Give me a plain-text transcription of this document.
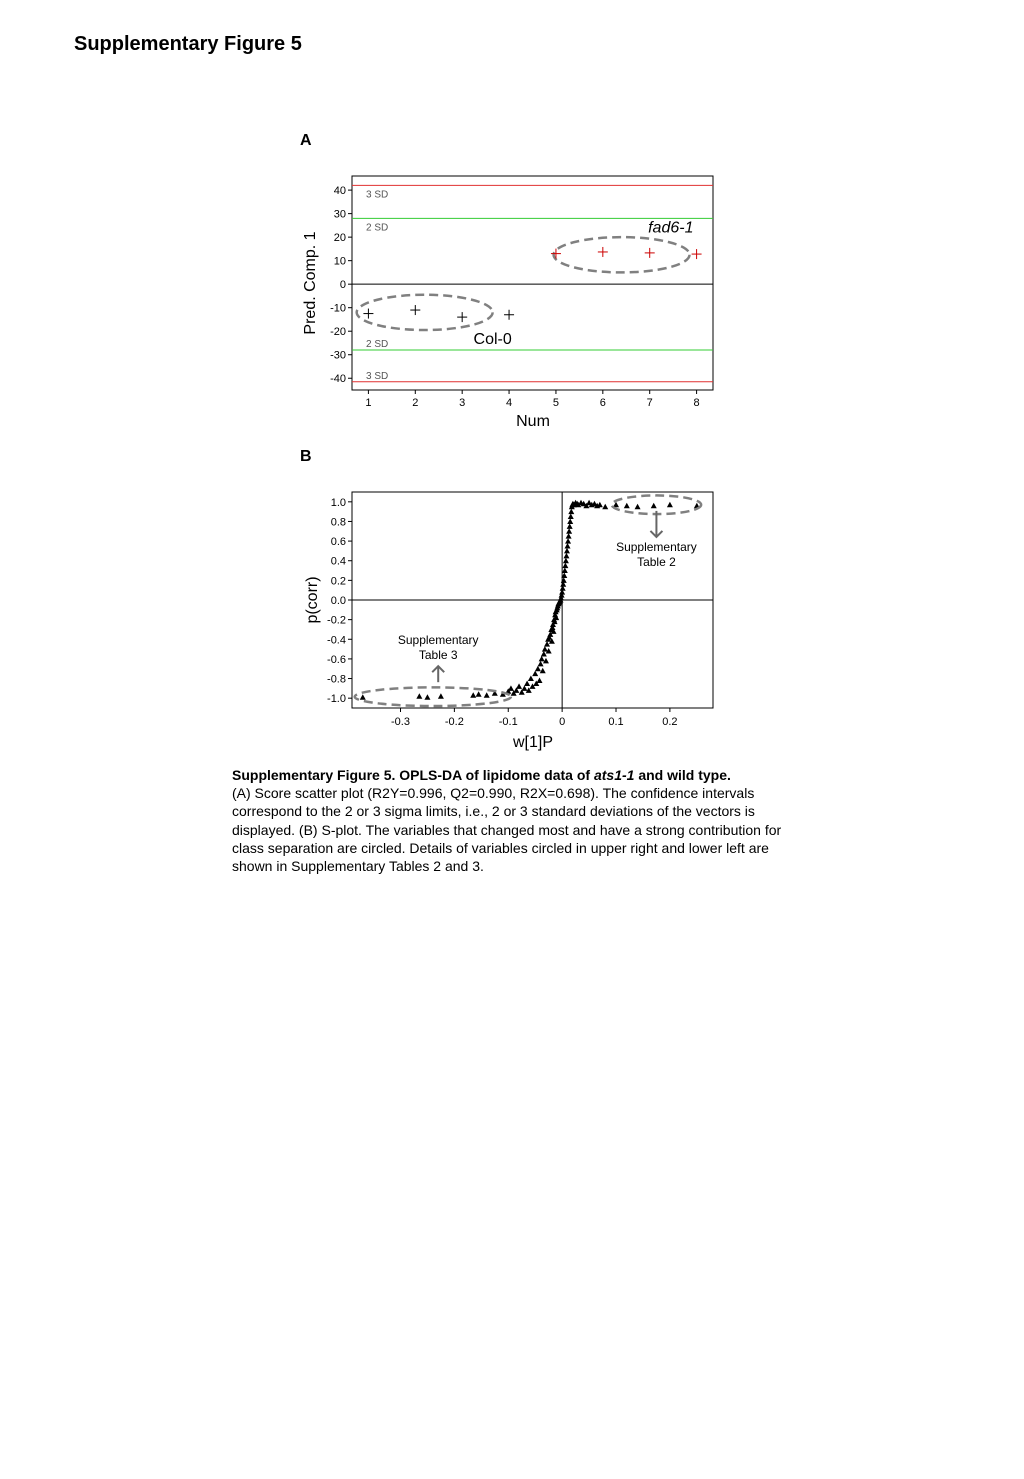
Supplementary Figure 5
A
B
3 SD
2 SD
2 SD
3 SD
1	2	3	4	5	6	7	8
40
30
20
10
0
-10
-20
-30
-40
fad6-1
Col-0
Num
Pred. Comp. 1
-0.3	-0.2	-0.1	0	0.1	0.2
1.0
0.8
0.6
0.4
0.2
0.0
-0.2
-0.4
-0.6
-0.8
-1.0
Supplementary
Table 2
Supplementary
Table 3
w[1]P
p(corr)
Supplementary Figure 5. OPLS-DA of lipidome data of ats1-1 and wild type.
(A) Score scatter plot (R2Y=0.996, Q2=0.990, R2X=0.698). The confidence intervals correspond to the 2 or 3 sigma limits, i.e., 2 or 3 standard deviations of the vectors is displayed. (B) S-plot. The variables that changed most and have a strong contribution for class separation are circled. Details of variables circled in upper right and lower left are shown in Supplementary Tables 2 and 3.
